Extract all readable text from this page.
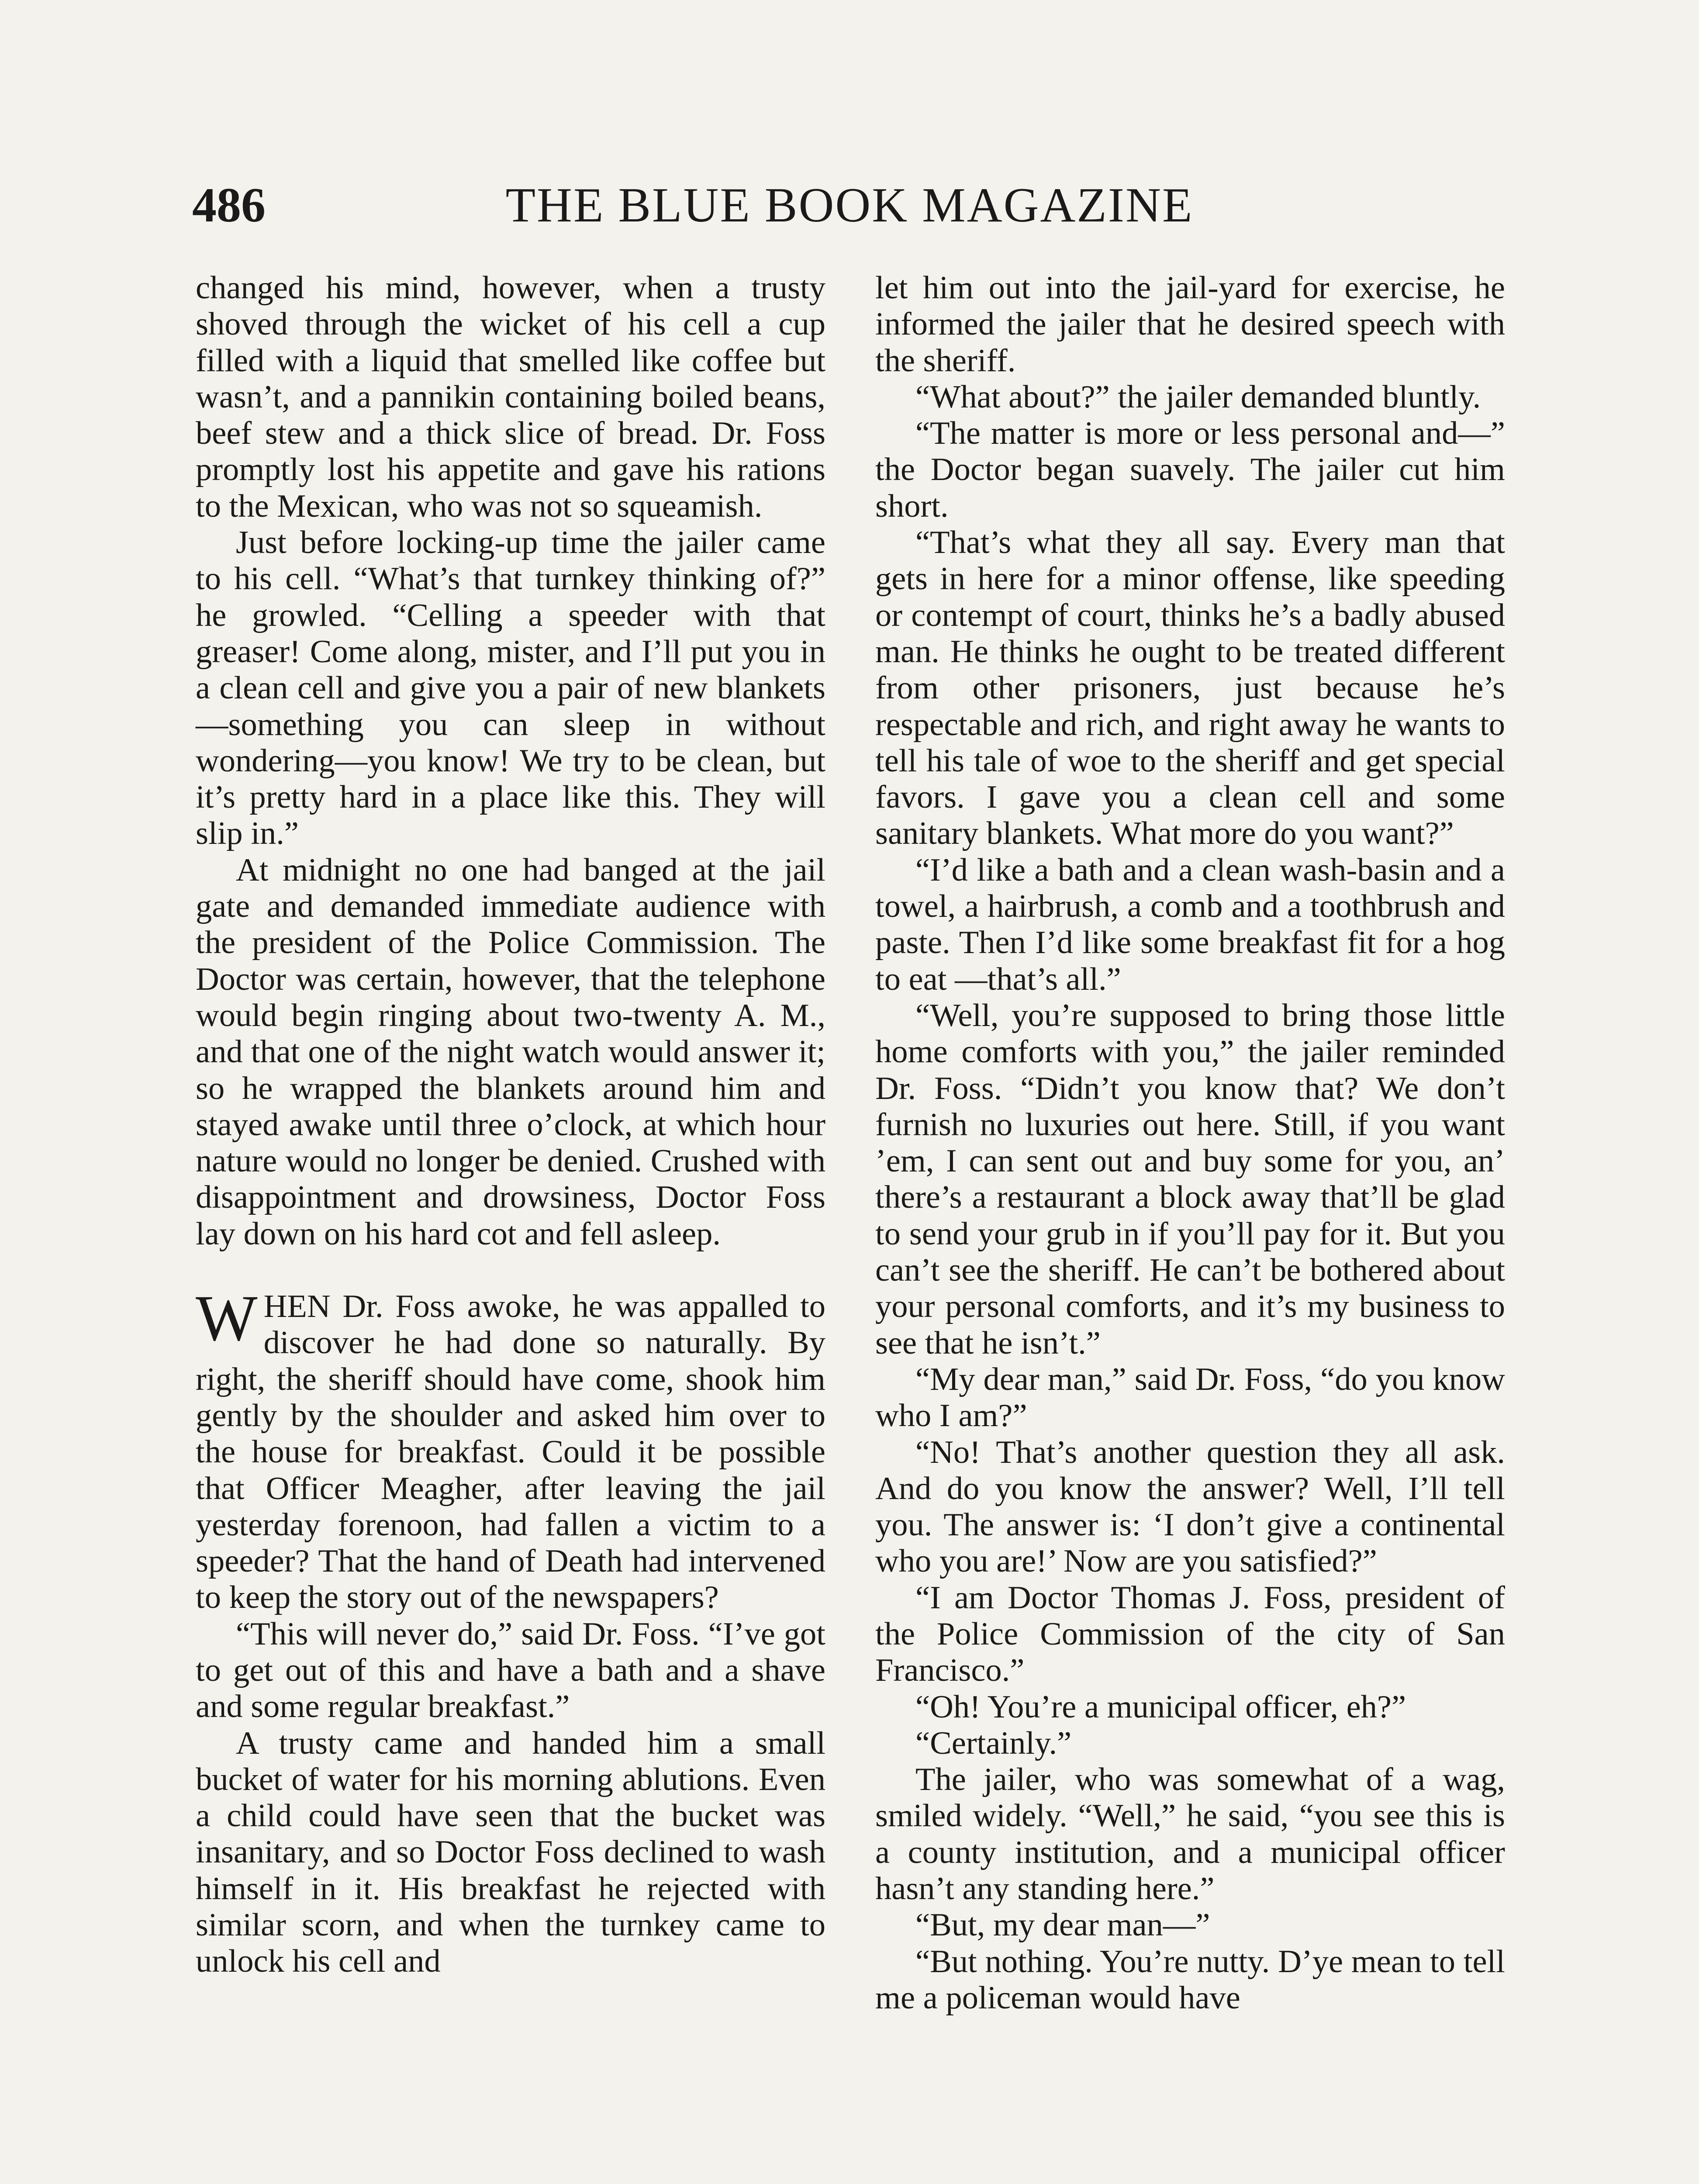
486	THE BLUE BOOK MAGAZINE

changed his mind, however, when a trusty shoved through the wicket of his cell a cup filled with a liquid that smelled like coffee but wasn’t, and a pannikin containing boiled beans, beef stew and a thick slice of bread. Dr. Foss promptly lost his appetite and gave his rations to the Mexican, who was not so squeamish.

Just before locking-up time the jailer came to his cell. “What’s that turnkey thinking of?” he growled. “Celling a speeder with that greaser! Come along, mister, and I’ll put you in a clean cell and give you a pair of new blankets—something you can sleep in without wondering—you know! We try to be clean, but it’s pretty hard in a place like this. They will slip in.”

At midnight no one had banged at the jail gate and demanded immediate audience with the president of the Police Commission. The Doctor was certain, however, that the telephone would begin ringing about two-twenty A. M., and that one of the night watch would answer it; so he wrapped the blankets around him and stayed awake until three o’clock, at which hour nature would no longer be denied. Crushed with disappointment and drowsiness, Doctor Foss lay down on his hard cot and fell asleep.

WHEN Dr. Foss awoke, he was appalled to discover he had done so naturally. By right, the sheriff should have come, shook him gently by the shoulder and asked him over to the house for breakfast. Could it be possible that Officer Meagher, after leaving the jail yesterday forenoon, had fallen a victim to a speeder? That the hand of Death had intervened to keep the story out of the newspapers?

“This will never do,” said Dr. Foss. “I’ve got to get out of this and have a bath and a shave and some regular breakfast.”

A trusty came and handed him a small bucket of water for his morning ablutions. Even a child could have seen that the bucket was insanitary, and so Doctor Foss declined to wash himself in it. His breakfast he rejected with similar scorn, and when the turnkey came to unlock his cell and

let him out into the jail-yard for exercise, he informed the jailer that he desired speech with the sheriff.

“What about?” the jailer demanded bluntly.

“The matter is more or less personal and—” the Doctor began suavely. The jailer cut him short.

“That’s what they all say. Every man that gets in here for a minor offense, like speeding or contempt of court, thinks he’s a badly abused man. He thinks he ought to be treated different from other prisoners, just because he’s respectable and rich, and right away he wants to tell his tale of woe to the sheriff and get special favors. I gave you a clean cell and some sanitary blankets. What more do you want?”

“I’d like a bath and a clean wash-basin and a towel, a hairbrush, a comb and a toothbrush and paste. Then I’d like some breakfast fit for a hog to eat —that’s all.”

“Well, you’re supposed to bring those little home comforts with you,” the jailer reminded Dr. Foss. “Didn’t you know that? We don’t furnish no luxuries out here. Still, if you want ’em, I can sent out and buy some for you, an’ there’s a restaurant a block away that’ll be glad to send your grub in if you’ll pay for it. But you can’t see the sheriff. He can’t be bothered about your personal comforts, and it’s my business to see that he isn’t.”

“My dear man,” said Dr. Foss, “do you know who I am?”

“No! That’s another question they all ask. And do you know the answer? Well, I’ll tell you. The answer is: ‘I don’t give a continental who you are!’ Now are you satisfied?”

“I am Doctor Thomas J. Foss, president of the Police Commission of the city of San Francisco.”

“Oh! You’re a municipal officer, eh?”

“Certainly.”

The jailer, who was somewhat of a wag, smiled widely. “Well,” he said, “you see this is a county institution, and a municipal officer hasn’t any standing here.”

“But, my dear man—”

“But nothing. You’re nutty. D’ye mean to tell me a policeman would have
